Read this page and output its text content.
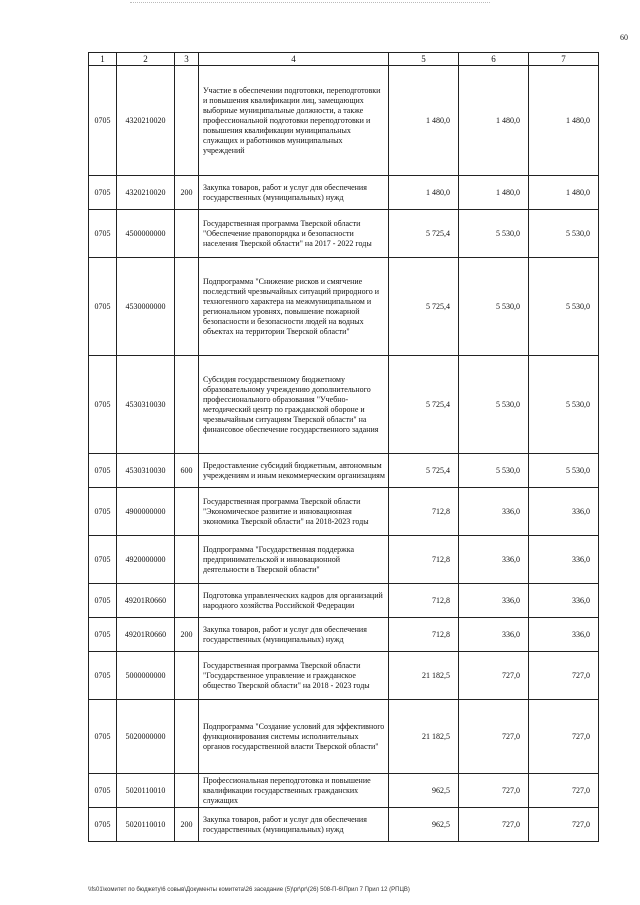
60
1	2	3	4	5	6	7
0705	4320210020		Участие в обеспечении подготовки, переподготовки и повышения квалификации лиц, замещающих выборные муниципальные должности, а также профессиональной подготовки переподготовки и повышения квалификации муниципальных служащих и работников муниципальных учреждений	1 480,0	1 480,0	1 480,0
0705	4320210020	200	Закупка товаров, работ и услуг для обеспечения государственных (муниципальных) нужд	1 480,0	1 480,0	1 480,0
0705	4500000000		Государственная программа Тверской области "Обеспечение правопорядка и безопасности населения Тверской области" на 2017 - 2022 годы	5 725,4	5 530,0	5 530,0
0705	4530000000		Подпрограмма "Снижение рисков и смягчение последствий чрезвычайных ситуаций природного и техногенного характера на межмуниципальном и региональном уровнях, повышение пожарной безопасности и безопасности людей на водных объектах на территории Тверской области"	5 725,4	5 530,0	5 530,0
0705	4530310030		Субсидия государственному бюджетному образовательному учреждению дополнительного профессионального образования "Учебно-методический центр по гражданской обороне и чрезвычайным ситуациям Тверской области" на финансовое обеспечение государственного задания	5 725,4	5 530,0	5 530,0
0705	4530310030	600	Предоставление субсидий бюджетным, автономным учреждениям и иным некоммерческим организациям	5 725,4	5 530,0	5 530,0
0705	4900000000		Государственная программа Тверской области "Экономическое развитие и инновационная экономика Тверской области" на 2018-2023 годы	712,8	336,0	336,0
0705	4920000000		Подпрограмма "Государственная поддержка предпринимательской и инновационной деятельности в Тверской области"	712,8	336,0	336,0
0705	49201R0660		Подготовка управленческих кадров для организаций народного хозяйства Российской Федерации	712,8	336,0	336,0
0705	49201R0660	200	Закупка товаров, работ и услуг для обеспечения государственных (муниципальных) нужд	712,8	336,0	336,0
0705	5000000000		Государственная программа Тверской области "Государственное управление и гражданское общество Тверской области" на 2018 - 2023 годы	21 182,5	727,0	727,0
0705	5020000000		Подпрограмма "Создание условий для эффективного функционирования системы исполнительных органов государственной власти Тверской области"	21 182,5	727,0	727,0
0705	5020110010		Профессиональная переподготовка и повышение квалификации государственных гражданских служащих	962,5	727,0	727,0
0705	5020110010	200	Закупка товаров, работ и услуг для обеспечения государственных (муниципальных) нужд	962,5	727,0	727,0
\\fs01\комитет по бюджету\6 совыв\Документы комитета\26 заседание (5)\pr\pr\(26) 508-П-6\Прил 7 Прил 12 (РПЦВ)
